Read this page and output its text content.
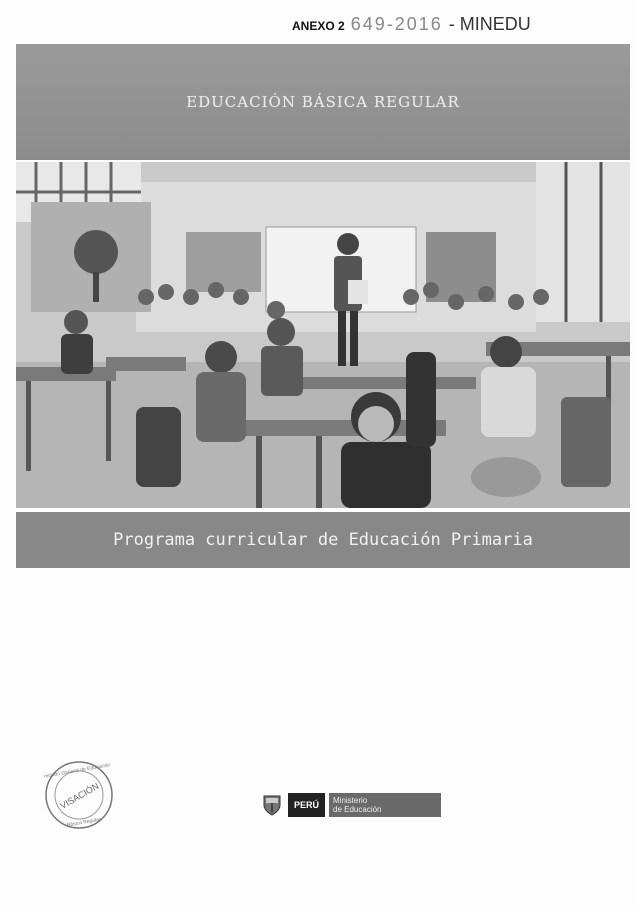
ANEXO 2 649-2016 - MINEDU
EDUCACIÓN BÁSICA REGULAR
Programa curricular de Educación Primaria
VISACIÓN
Dirección General de Educación
Básica Regular
PERÚ	Ministerio
de Educación
